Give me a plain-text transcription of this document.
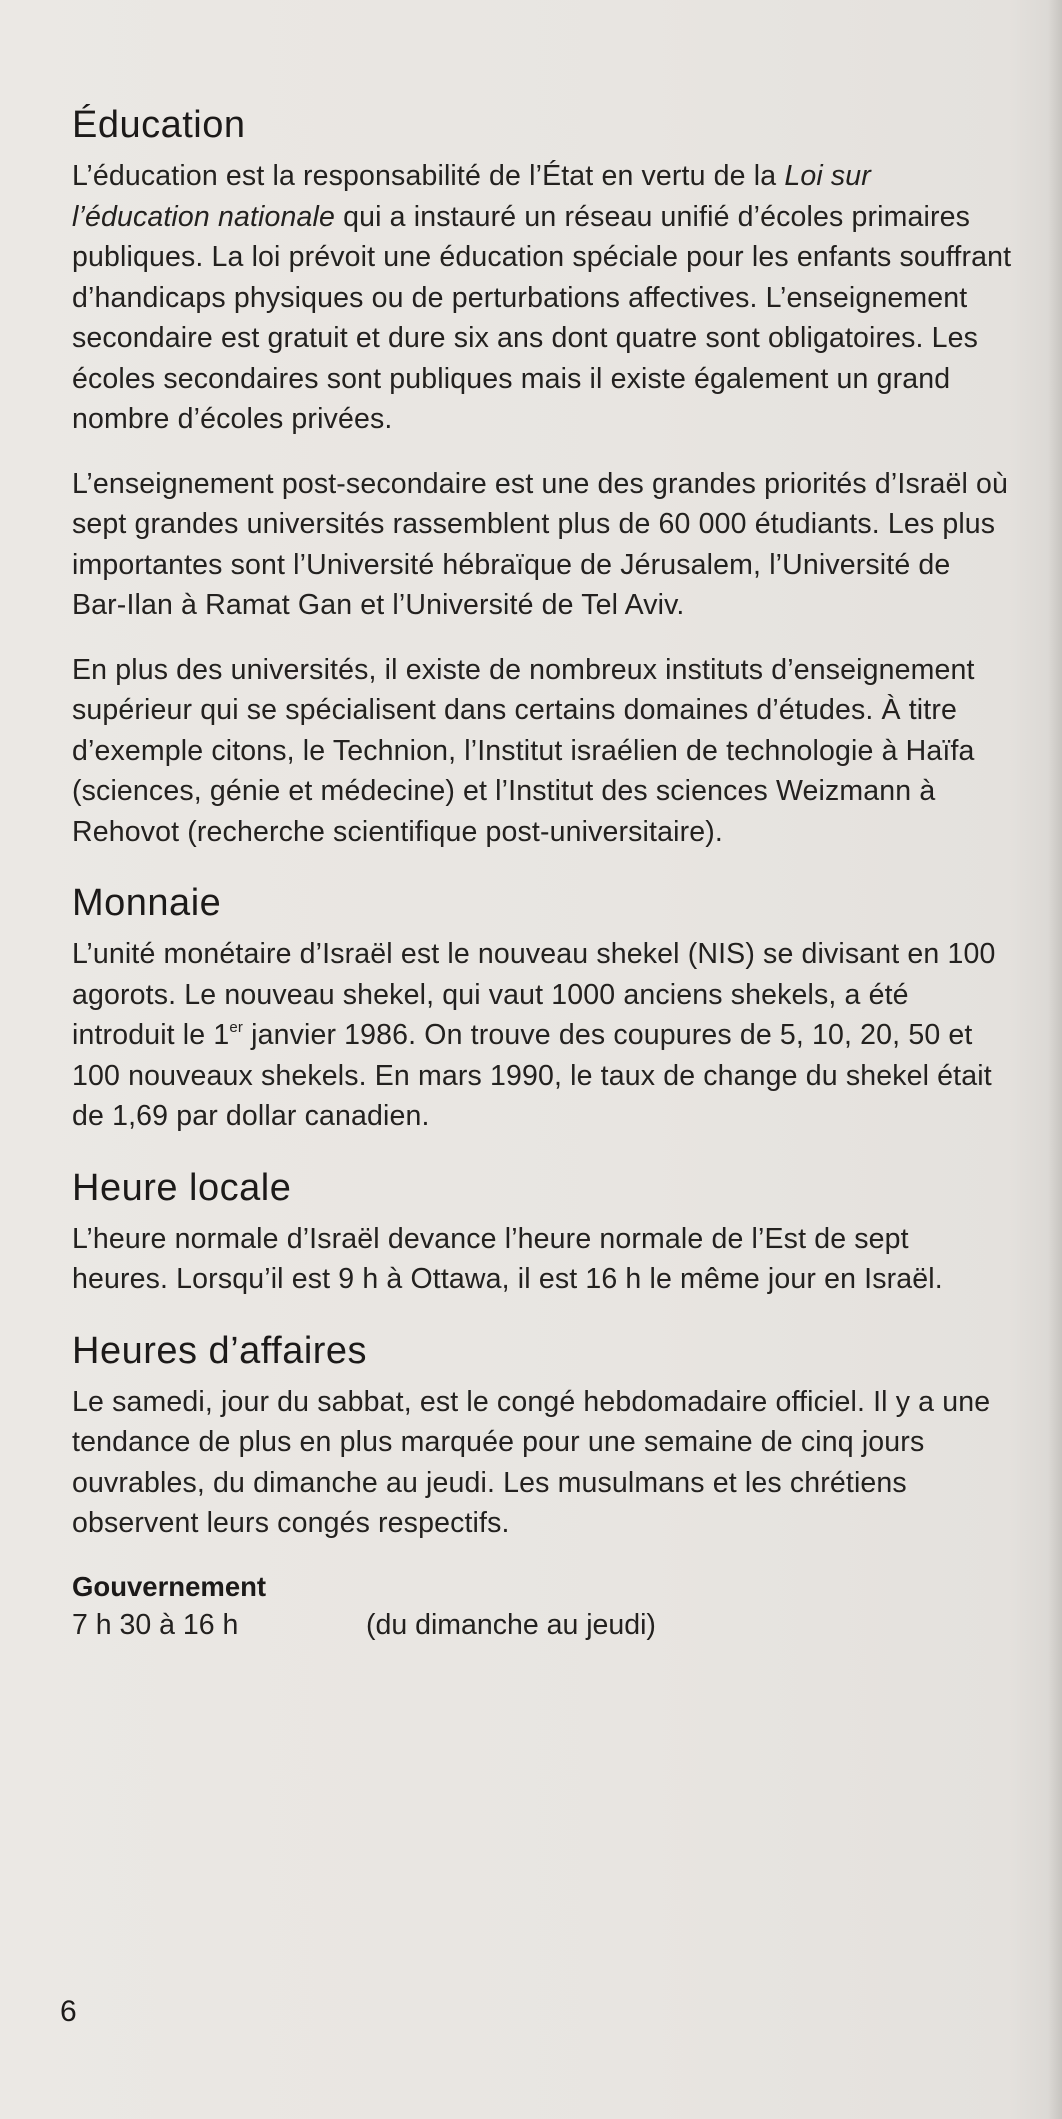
Éducation

L’éducation est la responsabilité de l’État en vertu de la Loi sur l’éducation nationale qui a instauré un réseau unifié d’écoles primaires publiques. La loi prévoit une éducation spéciale pour les enfants souffrant d’handicaps physiques ou de perturbations affectives. L’enseignement secondaire est gratuit et dure six ans dont quatre sont obligatoires. Les écoles secondaires sont publiques mais il existe également un grand nombre d’écoles privées.

L’enseignement post-secondaire est une des grandes priorités d’Israël où sept grandes universités rassemblent plus de 60 000 étudiants. Les plus importantes sont l’Université hébraïque de Jérusalem, l’Université de Bar-Ilan à Ramat Gan et l’Université de Tel Aviv.

En plus des universités, il existe de nombreux instituts d’enseignement supérieur qui se spécialisent dans certains domaines d’études. À titre d’exemple citons, le Technion, l’Institut israélien de technologie à Haïfa (sciences, génie et médecine) et l’Institut des sciences Weizmann à Rehovot (recherche scientifique post-universitaire).

Monnaie

L’unité monétaire d’Israël est le nouveau shekel (NIS) se divisant en 100 agorots. Le nouveau shekel, qui vaut 1000 anciens shekels, a été introduit le 1er janvier 1986. On trouve des coupures de 5, 10, 20, 50 et 100 nouveaux shekels. En mars 1990, le taux de change du shekel était de 1,69 par dollar canadien.

Heure locale

L’heure normale d’Israël devance l’heure normale de l’Est de sept heures. Lorsqu’il est 9 h à Ottawa, il est 16 h le même jour en Israël.

Heures d’affaires

Le samedi, jour du sabbat, est le congé hebdomadaire officiel. Il y a une tendance de plus en plus marquée pour une semaine de cinq jours ouvrables, du dimanche au jeudi. Les musulmans et les chrétiens observent leurs congés respectifs.

Gouvernement
7 h 30 à 16 h	(du dimanche au jeudi)
6
